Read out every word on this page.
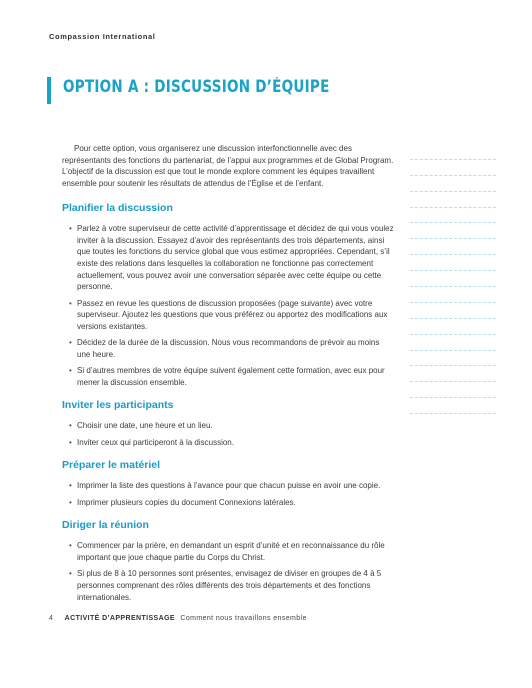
Compassion International
OPTION A : DISCUSSION D’ÉQUIPE

Pour cette option, vous organiserez une discussion interfonctionnelle avec des représentants des fonctions du partenariat, de l’appui aux programmes et de Global Program. L’objectif de la discussion est que tout le monde explore comment les équipes travaillent ensemble pour soutenir les résultats de attendus de l’Église et de l’enfant.

Planifier la discussion
• Parlez à votre superviseur de cette activité d’apprentissage et décidez de qui vous voulez inviter à la discussion. Essayez d’avoir des représentants des trois départements, ainsi que toutes les fonctions du service global que vous estimez appropriées. Cependant, s’il existe des relations dans lesquelles la collaboration ne fonctionne pas correctement actuellement, vous pouvez avoir une conversation séparée avec cette équipe ou cette personne.
• Passez en revue les questions de discussion proposées (page suivante) avec votre superviseur. Ajoutez les questions que vous préférez ou apportez des modifications aux versions existantes.
• Décidez de la durée de la discussion. Nous vous recommandons de prévoir au moins une heure.
• Si d’autres membres de votre équipe suivent également cette formation, avec eux pour mener la discussion ensemble.
Inviter les participants
• Choisir une date, une heure et un lieu.
• Inviter ceux qui participeront à la discussion.
Préparer le matériel
• Imprimer la liste des questions à l’avance pour que chacun puisse en avoir une copie.
• Imprimer plusieurs copies du document Connexions latérales.
Diriger la réunion
• Commencer par la prière, en demandant un esprit d’unité et en reconnaissance du rôle important que joue chaque partie du Corps du Christ.
• Si plus de 8 à 10 personnes sont présentes, envisagez de diviser en groupes de 4 à 5 personnes comprenant des rôles différents des trois départements et des fonctions internationales.
4 ACTIVITÉ D’APPRENTISSAGE Comment nous travaillons ensemble
